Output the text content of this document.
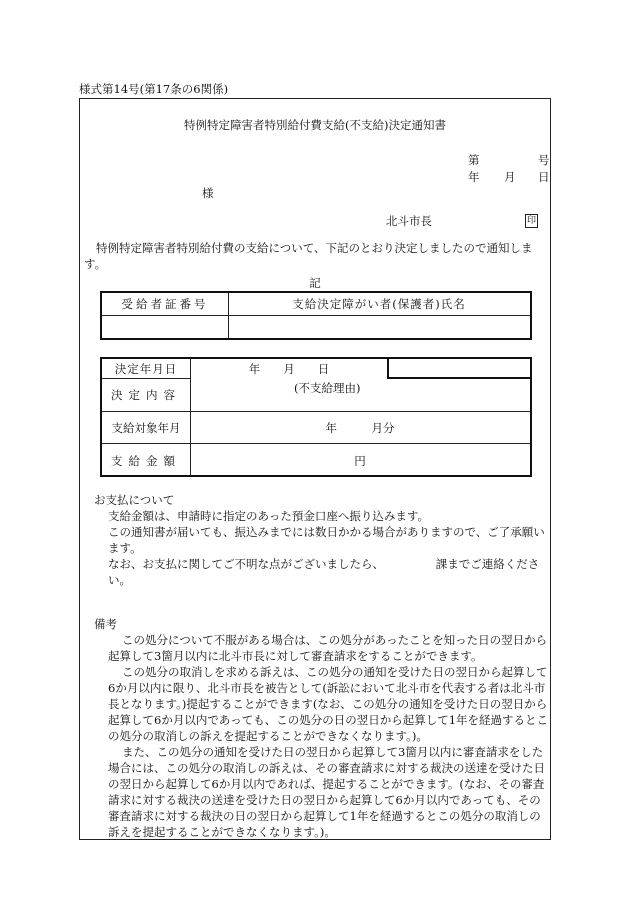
様式第14号(第17条の6関係)
特例特定障害者特別給付費支給(不支給)決定通知書
第	号
年 月 日
様
北斗市長	印
特例特定障害者特別給付費の支給について、下記のとおり決定しましたので通知します。
記
受給者証番号	支給決定障がい者(保護者)氏名
決定年月日	年　　月　　日
決定内容	(不支給理由)
支給対象年月	年　　　月分
支給金額	円
お支払について
支給金額は、申請時に指定のあった預金口座へ振り込みます。
この通知書が届いても、振込みまでには数日かかる場合がありますので、ご了承願います。
なお、お支払に関してご不明な点がございましたら、　　　　　課までご連絡ください。
備考
この処分について不服がある場合は、この処分があったことを知った日の翌日から起算して3箇月以内に北斗市長に対して審査請求をすることができます。
この処分の取消しを求める訴えは、この処分の通知を受けた日の翌日から起算して6か月以内に限り、北斗市長を被告として(訴訟において北斗市を代表する者は北斗市長となります。)提起することができます(なお、この処分の通知を受けた日の翌日から起算して6か月以内であっても、この処分の日の翌日から起算して1年を経過するとこの処分の取消しの訴えを提起することができなくなります。)。
また、この処分の通知を受けた日の翌日から起算して3箇月以内に審査請求をした場合には、この処分の取消しの訴えは、その審査請求に対する裁決の送達を受けた日の翌日から起算して6か月以内であれば、提起することができます。(なお、その審査請求に対する裁決の送達を受けた日の翌日から起算して6か月以内であっても、その審査請求に対する裁決の日の翌日から起算して1年を経過するとこの処分の取消しの訴えを提起することができなくなります。)。
